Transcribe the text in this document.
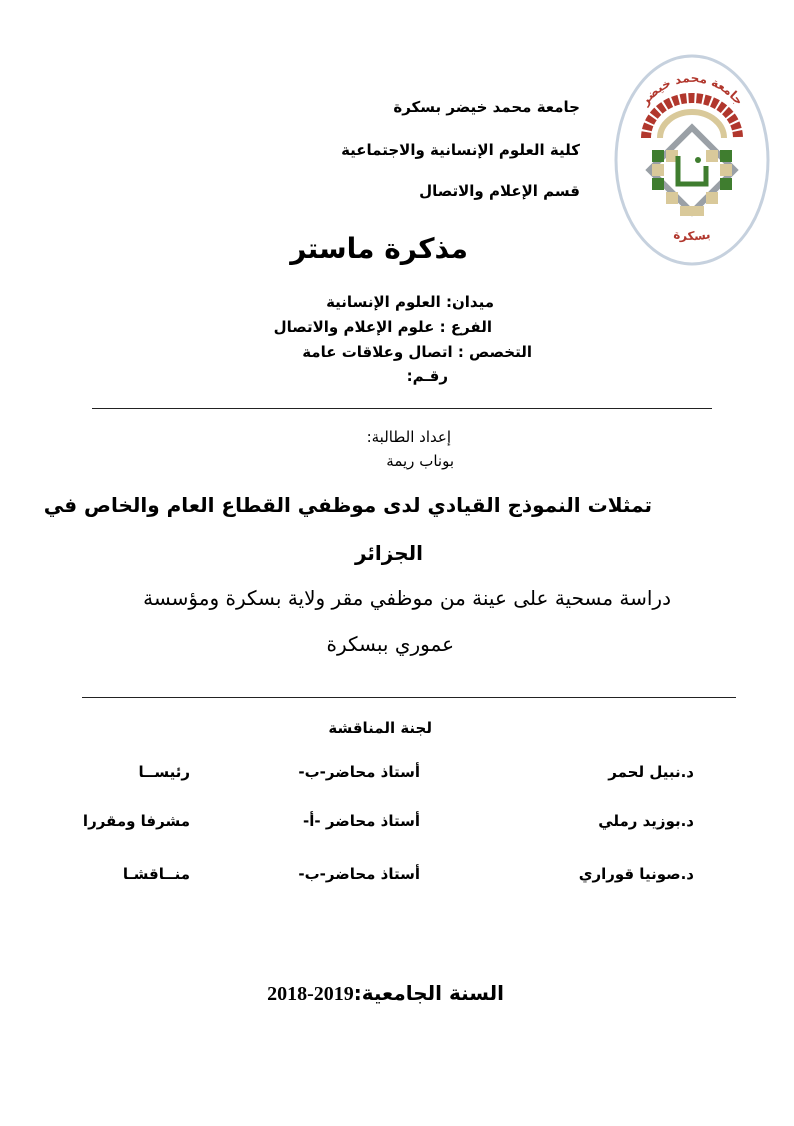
جامعة محمد خيضر بسكرة
كلية العلوم الإنسانية والاجتماعية
قسم الإعلام والاتصال
جامعة محمد خيضر
بسكرة
مذكرة ماستر
ميدان: العلوم الإنسانية
الفرع : علوم الإعلام والاتصال
التخصص : اتصال وعلاقات عامة
رقـم:
إعداد الطالبة:
بوناب ريمة
تمثلات النموذج القيادي لدى موظفي القطاع العام والخاص في
الجزائر
دراسة مسحية على عينة من موظفي مقر ولاية بسكرة ومؤسسة
عموري ببسكرة
لجنة المناقشة
د.نبيل لحمر
أستاذ محاضر-ب-
رئيســا
د.بوزيد رملي
أستاذ محاضر -أ-
مشرفا ومقررا
د.صونيا قوراري
أستاذ محاضر-ب-
منــاقشـا
السنة الجامعية:2019-2018
